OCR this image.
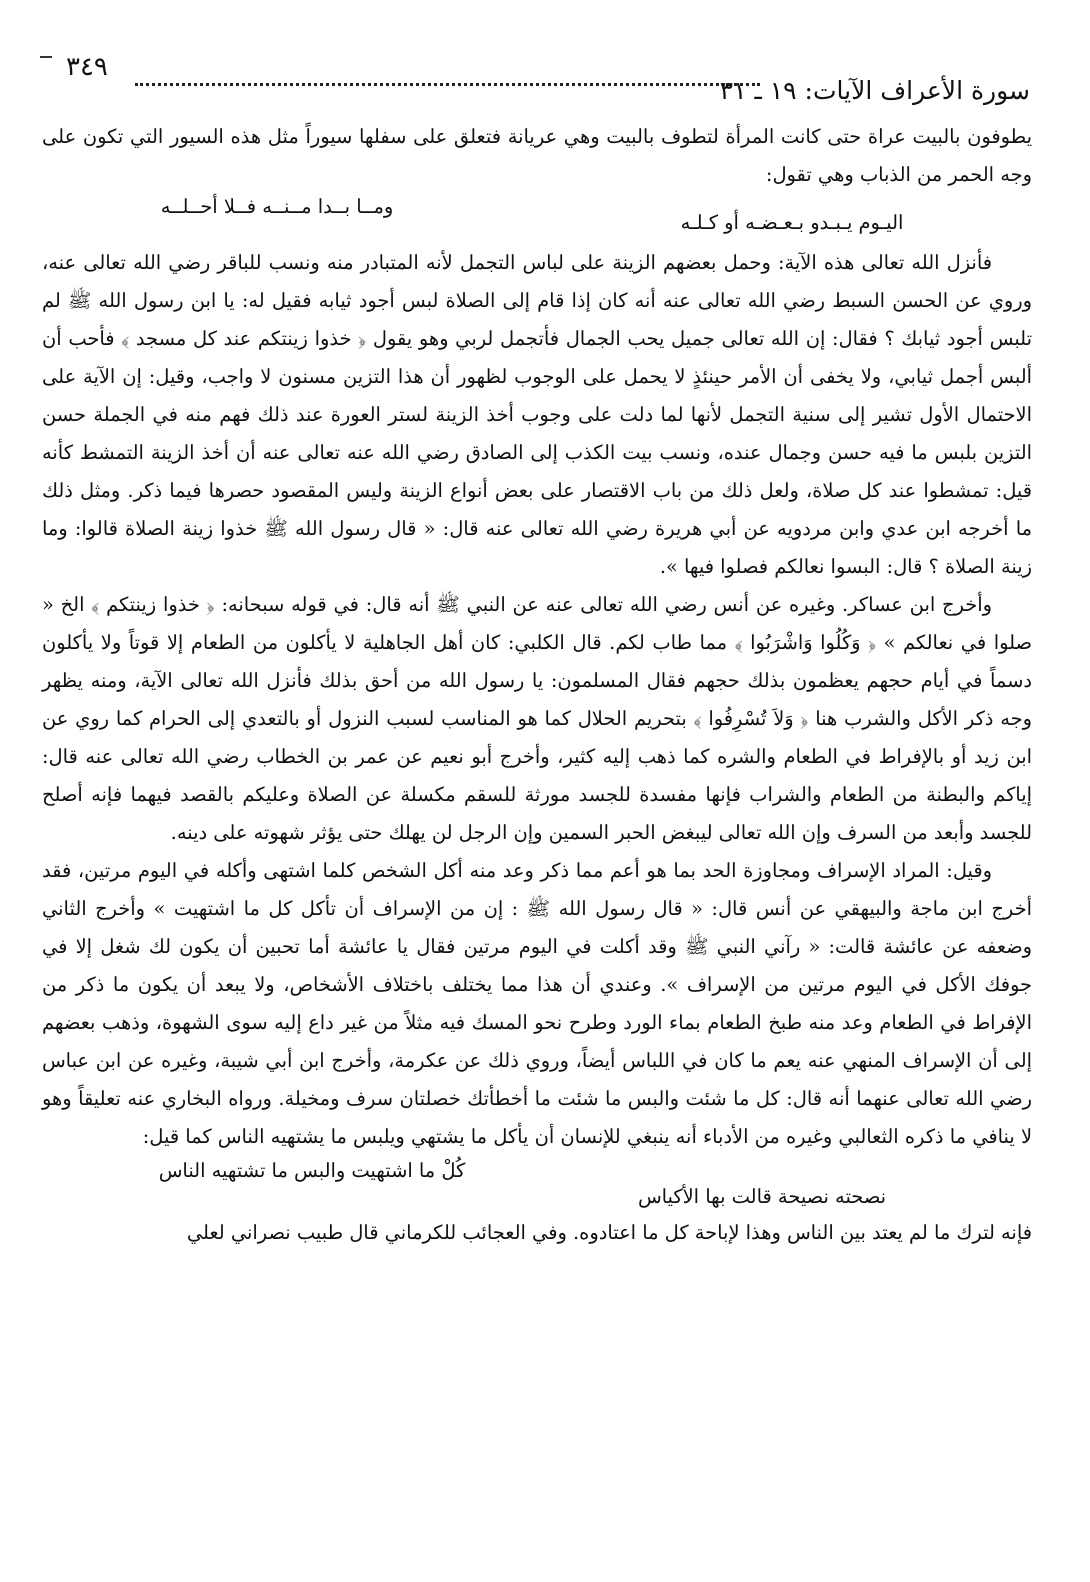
٣٤٩
سورة الأعراف الآيات: ١٩ ـ ٣١

يطوفون بالبيت عراة حتى كانت المرأة لتطوف بالبيت وهي عريانة فتعلق على سفلها سيوراً مثل هذه السيور التي تكون على وجه الحمر من الذباب وهي تقول:

اليـوم يـبـدو بـعـضـه أو كـلـه
ومــا بــدا مــنــه فــلا أحــلــه

فأنزل الله تعالى هذه الآية: وحمل بعضهم الزينة على لباس التجمل لأنه المتبادر منه ونسب للباقر رضي الله تعالى عنه، وروي عن الحسن السبط رضي الله تعالى عنه أنه كان إذا قام إلى الصلاة لبس أجود ثيابه فقيل له: يا ابن رسول الله ﷺ لم تلبس أجود ثيابك ؟ فقال: إن الله تعالى جميل يحب الجمال فأتجمل لربي وهو يقول ﴿ خذوا زينتكم عند كل مسجد ﴾ فأحب أن ألبس أجمل ثيابي، ولا يخفى أن الأمر حينئذٍ لا يحمل على الوجوب لظهور أن هذا التزين مسنون لا واجب، وقيل: إن الآية على الاحتمال الأول تشير إلى سنية التجمل لأنها لما دلت على وجوب أخذ الزينة لستر العورة عند ذلك فهم منه في الجملة حسن التزين بلبس ما فيه حسن وجمال عنده، ونسب بيت الكذب إلى الصادق رضي الله عنه تعالى عنه أن أخذ الزينة التمشط كأنه قيل: تمشطوا عند كل صلاة، ولعل ذلك من باب الاقتصار على بعض أنواع الزينة وليس المقصود حصرها فيما ذكر. ومثل ذلك ما أخرجه ابن عدي وابن مردويه عن أبي هريرة رضي الله تعالى عنه قال: « قال رسول الله ﷺ خذوا زينة الصلاة قالوا: وما زينة الصلاة ؟ قال: البسوا نعالكم فصلوا فيها ».

وأخرج ابن عساكر. وغيره عن أنس رضي الله تعالى عنه عن النبي ﷺ أنه قال: في قوله سبحانه: ﴿ خذوا زينتكم ﴾ الخ « صلوا في نعالكم » ﴿ وَكُلُوا وَاشْرَبُوا ﴾ مما طاب لكم. قال الكلبي: كان أهل الجاهلية لا يأكلون من الطعام إلا قوتاً ولا يأكلون دسماً في أيام حجهم يعظمون بذلك حجهم فقال المسلمون: يا رسول الله من أحق بذلك فأنزل الله تعالى الآية، ومنه يظهر وجه ذكر الأكل والشرب هنا ﴿ وَلاَ تُسْرِفُوا ﴾ بتحريم الحلال كما هو المناسب لسبب النزول أو بالتعدي إلى الحرام كما روي عن ابن زيد أو بالإفراط في الطعام والشره كما ذهب إليه كثير، وأخرج أبو نعيم عن عمر بن الخطاب رضي الله تعالى عنه قال: إياكم والبطنة من الطعام والشراب فإنها مفسدة للجسد مورثة للسقم مكسلة عن الصلاة وعليكم بالقصد فيهما فإنه أصلح للجسد وأبعد من السرف وإن الله تعالى ليبغض الحبر السمين وإن الرجل لن يهلك حتى يؤثر شهوته على دينه.

وقيل: المراد الإسراف ومجاوزة الحد بما هو أعم مما ذكر وعد منه أكل الشخص كلما اشتهى وأكله في اليوم مرتين، فقد أخرج ابن ماجة والبيهقي عن أنس قال: « قال رسول الله ﷺ : إن من الإسراف أن تأكل كل ما اشتهيت » وأخرج الثاني وضعفه عن عائشة قالت: « رآني النبي ﷺ وقد أكلت في اليوم مرتين فقال يا عائشة أما تحبين أن يكون لك شغل إلا في جوفك الأكل في اليوم مرتين من الإسراف ». وعندي أن هذا مما يختلف باختلاف الأشخاص، ولا يبعد أن يكون ما ذكر من الإفراط في الطعام وعد منه طبخ الطعام بماء الورد وطرح نحو المسك فيه مثلاً من غير داع إليه سوى الشهوة، وذهب بعضهم إلى أن الإسراف المنهي عنه يعم ما كان في اللباس أيضاً، وروي ذلك عن عكرمة، وأخرج ابن أبي شيبة، وغيره عن ابن عباس رضي الله تعالى عنهما أنه قال: كل ما شئت والبس ما شئت ما أخطأتك خصلتان سرف ومخيلة. ورواه البخاري عنه تعليقاً وهو لا ينافي ما ذكره الثعالبي وغيره من الأدباء أنه ينبغي للإنسان أن يأكل ما يشتهي ويلبس ما يشتهيه الناس كما قيل:

نصحته نصيحة قالت بها الأكياس
كُلْ ما اشتهيت والبس ما تشتهيه الناس

فإنه لترك ما لم يعتد بين الناس وهذا لإباحة كل ما اعتادوه. وفي العجائب للكرماني قال طبيب نصراني لعلي
